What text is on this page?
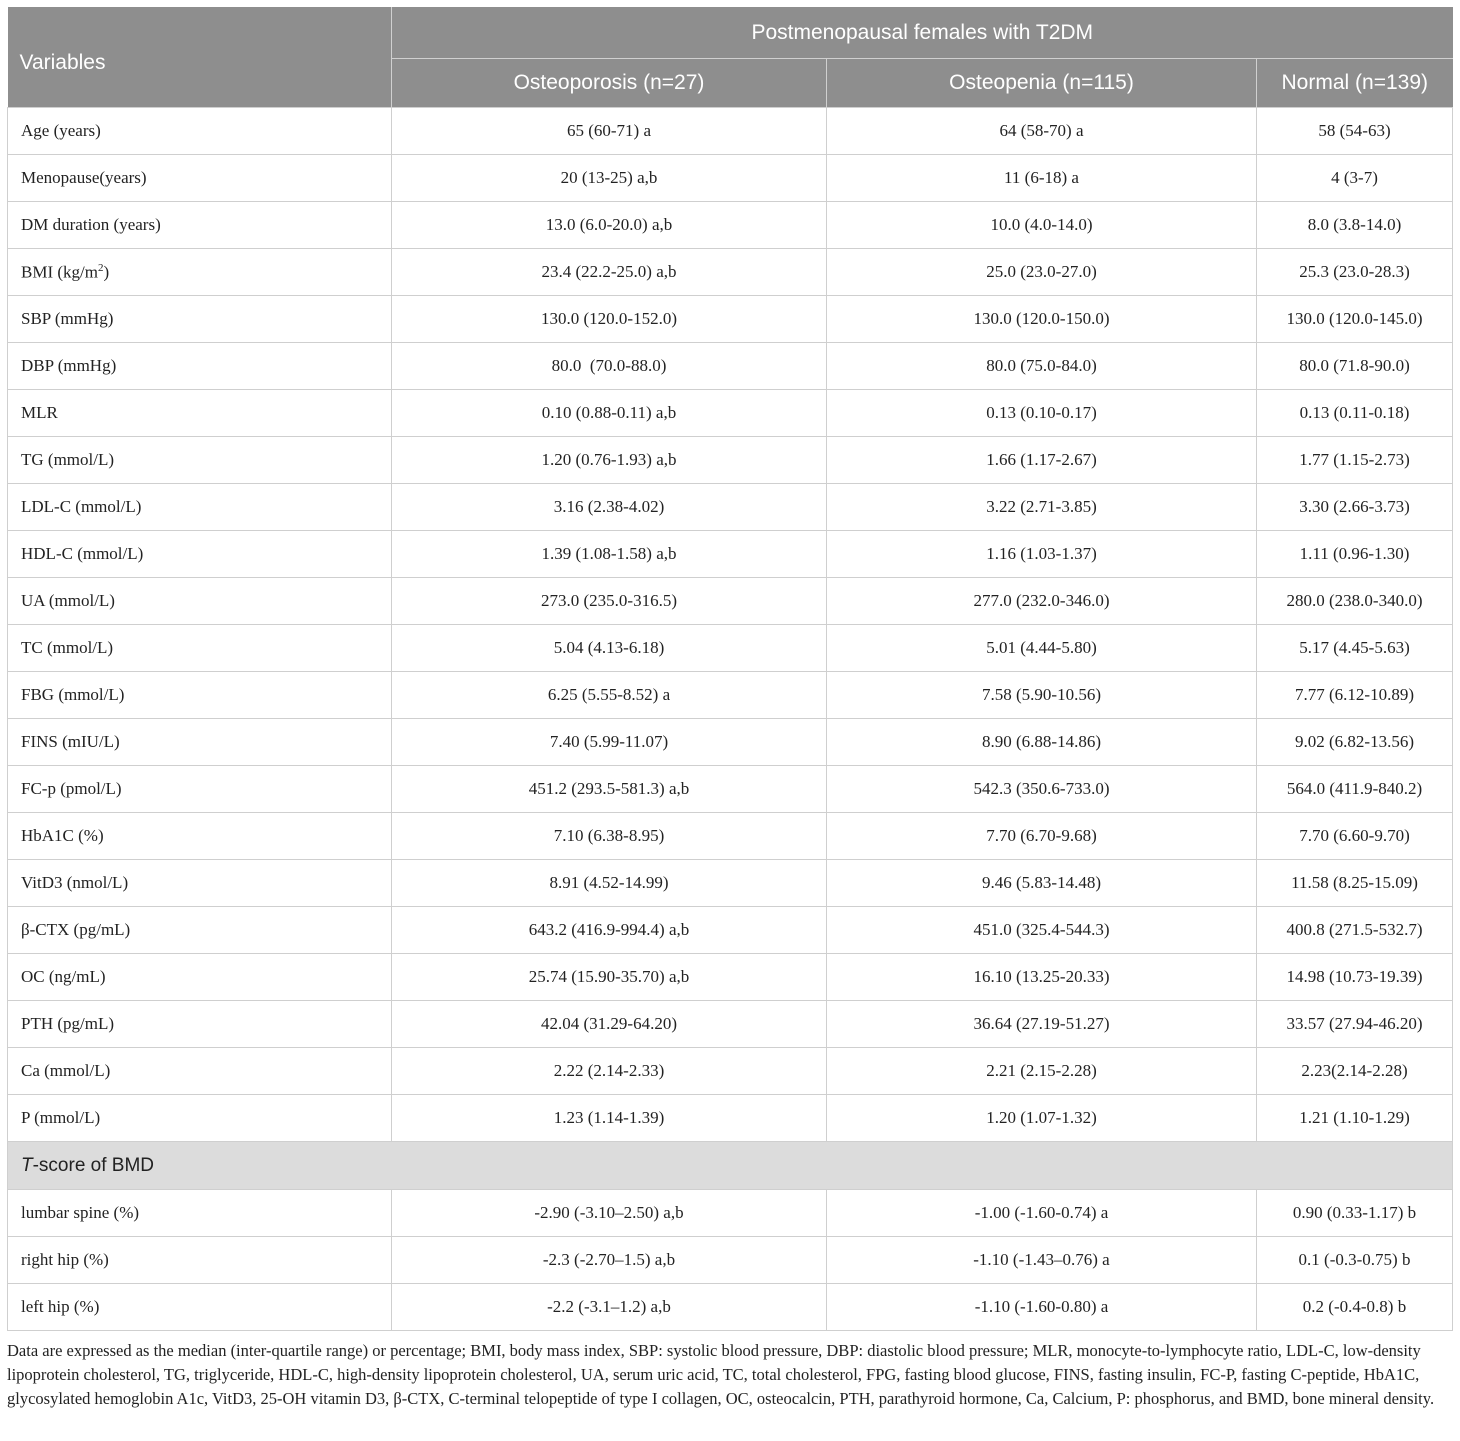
Variables	Postmenopausal females with T2DM		
	Osteoporosis (n=27)	Osteopenia (n=115)	Normal (n=139)
Age (years)	65 (60-71) a	64 (58-70) a	58 (54-63)
Menopause(years)	20 (13-25) a,b	11 (6-18) a	4 (3-7)
DM duration (years)	13.0 (6.0-20.0) a,b	10.0 (4.0-14.0)	8.0 (3.8-14.0)
BMI $(kg/m^2)$	23.4 (22.2-25.0) a,b	25.0 (23.0-27.0)	25.3 (23.0-28.3)
SBP (mmHg)	130.0 (120.0-152.0)	130.0 (120.0-150.0)	130.0 (120.0-145.0)
DBP (mmHg)	80.0  (70.0-88.0)	80.0 (75.0-84.0)	80.0 (71.8-90.0)
MLR	0.10 (0.88-0.11) a,b	0.13 (0.10-0.17)	0.13 (0.11-0.18)
TG (mmol/L)	1.20 (0.76-1.93) a,b	1.66 (1.17-2.67)	1.77 (1.15-2.73)
LDL-C (mmol/L)	3.16 (2.38-4.02)	3.22 (2.71-3.85)	3.30 (2.66-3.73)
HDL-C (mmol/L)	1.39 (1.08-1.58) a,b	1.16 (1.03-1.37)	1.11 (0.96-1.30)
UA (mmol/L)	273.0 (235.0-316.5)	277.0 (232.0-346.0)	280.0 (238.0-340.0)
TC (mmol/L)	5.04 (4.13-6.18)	5.01 (4.44-5.80)	5.17 (4.45-5.63)
FBG (mmol/L)	6.25 (5.55-8.52) a	7.58 (5.90-10.56)	7.77 (6.12-10.89)
FINS (mIU/L)	7.40 (5.99-11.07)	8.90 (6.88-14.86)	9.02 (6.82-13.56)
FC-p (pmol/L)	451.2 (293.5-581.3) a,b	542.3 (350.6-733.0)	564.0 (411.9-840.2)
HbA1C (%)	7.10 (6.38-8.95)	7.70 (6.70-9.68)	7.70 (6.60-9.70)
VitD3 (nmol/L)	8.91 (4.52-14.99)	9.46 (5.83-14.48)	11.58 (8.25-15.09)
β-CTX (pg/mL)	643.2 (416.9-994.4) a,b	451.0 (325.4-544.3)	400.8 (271.5-532.7)
OC (ng/mL)	25.74 (15.90-35.70) a,b	16.10 (13.25-20.33)	14.98 (10.73-19.39)
PTH (pg/mL)	42.04 (31.29-64.20)	36.64 (27.19-51.27)	33.57 (27.94-46.20)
Ca (mmol/L)	2.22 (2.14-2.33)	2.21 (2.15-2.28)	2.23(2.14-2.28)
P (mmol/L)	1.23 (1.14-1.39)	1.20 (1.07-1.32)	1.21 (1.10-1.29)
T-score of BMD			
lumbar spine (%)	-2.90 (-3.10–2.50) a,b	-1.00 (-1.60-0.74) a	0.90 (0.33-1.17) b
right hip (%)	-2.3 (-2.70–1.5) a,b	-1.10 (-1.43–0.76) a	0.1 (-0.3-0.75) b
left hip (%)	-2.2 (-3.1–1.2) a,b	-1.10 (-1.60-0.80) a	0.2 (-0.4-0.8) b
Data are expressed as the median (inter-quartile range) or percentage; BMI, body mass index, SBP: systolic blood pressure, DBP: diastolic blood pressure; MLR, monocyte-to-lymphocyte ratio, LDL-C, low-density lipoprotein cholesterol, TG, triglyceride, HDL-C, high-density lipoprotein cholesterol, UA, serum uric acid, TC, total cholesterol, FPG, fasting blood glucose, FINS, fasting insulin, FC-P, fasting C-peptide, HbA1C, glycosylated hemoglobin A1c, VitD3, 25-OH vitamin D3, β-CTX, C-terminal telopeptide of type I collagen, OC, osteocalcin, PTH, parathyroid hormone, Ca, Calcium, P: phosphorus, and BMD, bone mineral density.
